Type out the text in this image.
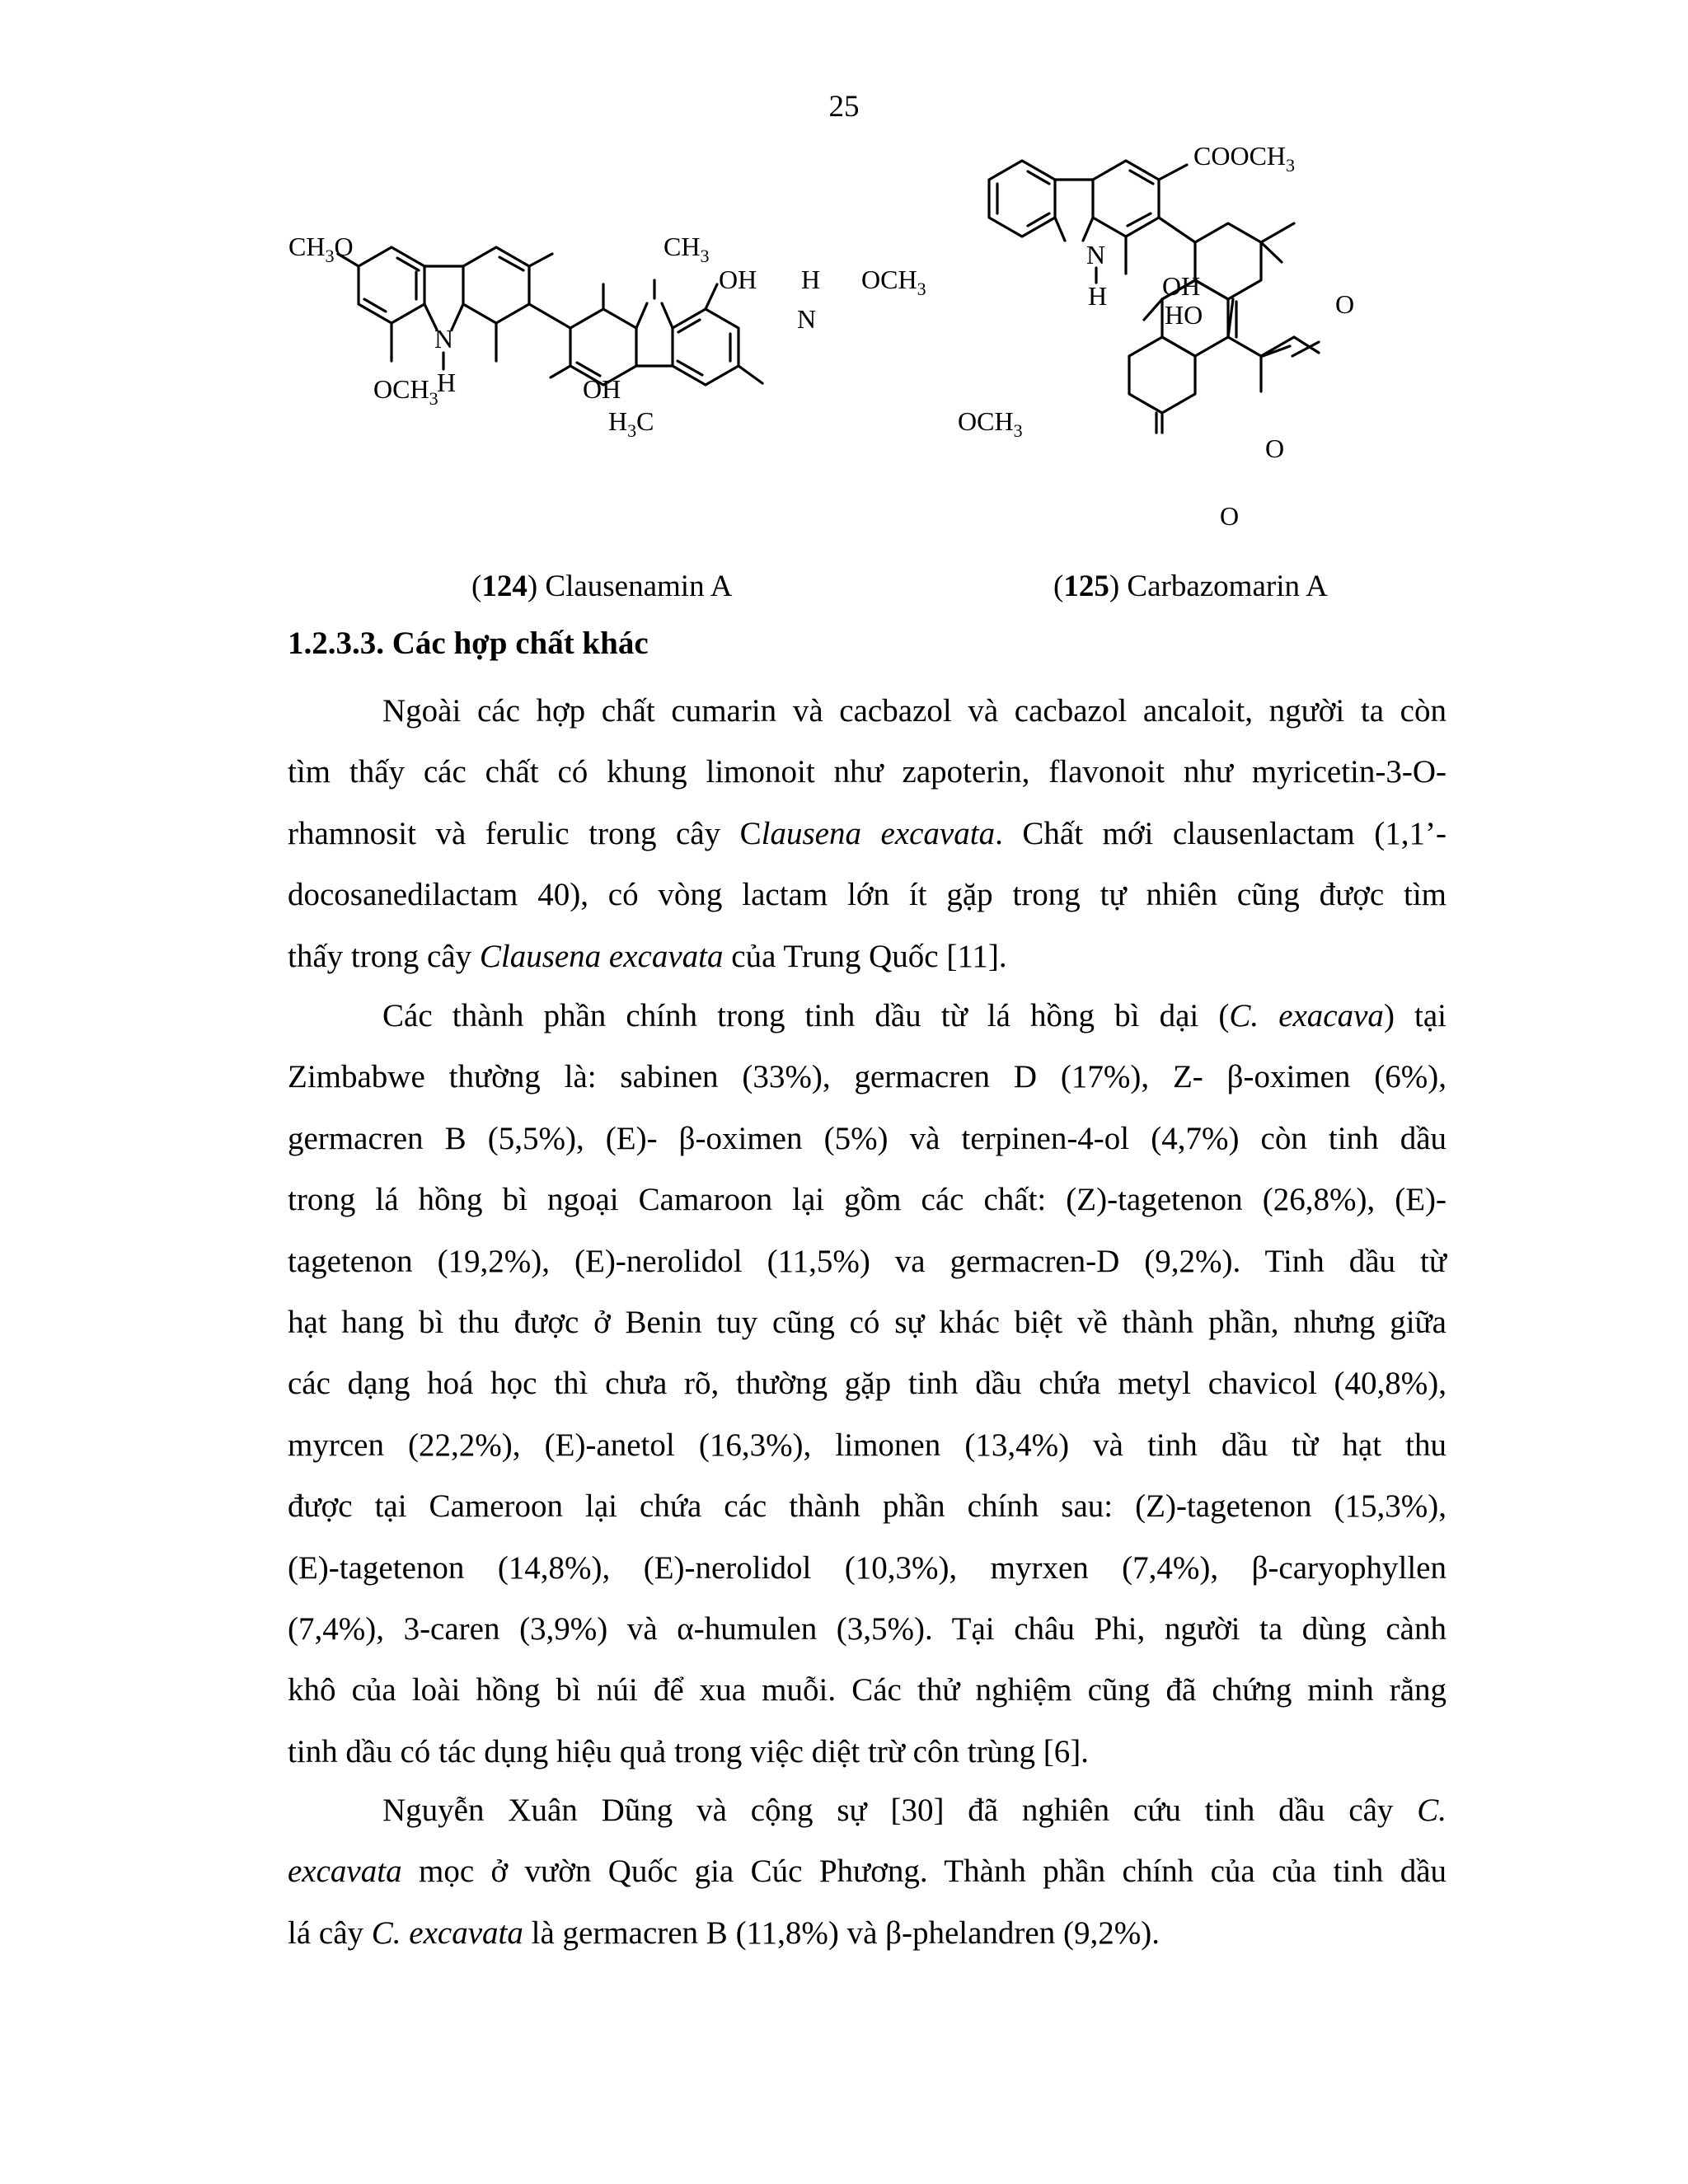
25
$CH_3O$	$CH_3$
OH H $OCH_3$
N
H
N
$OCH_3$	OH
$H_3C$	$OCH_3$
$COOCH_3$
N
H OH
HO	O
O
O
(124) Clausenamin A	(125) Carbazomarin A
1.2.3.3. Các hợp chất khác

Ngoài các hợp chất cumarin và cacbazol và cacbazol ancaloit, người ta còn

tìm thấy các chất có khung limonoit như zapoterin, flavonoit như myricetin-3-O-

rhamnosit và ferulic trong cây Clausena excavata. Chất mới clausenlactam (1,1’-

docosanedilactam 40), có vòng lactam lớn ít gặp trong tự nhiên cũng được tìm

thấy trong cây Clausena excavata của Trung Quốc [11].

Các thành phần chính trong tinh dầu từ lá hồng bì dại (C. exacava) tại

Zimbabwe thường là: sabinen (33%), germacren D (17%), Z- β-oximen (6%),

germacren B (5,5%), (E)- β-oximen (5%) và terpinen-4-ol (4,7%) còn tinh dầu

trong lá hồng bì ngoại Camaroon lại gồm các chất: (Z)-tagetenon (26,8%), (E)-

tagetenon (19,2%), (E)-nerolidol (11,5%) va germacren-D (9,2%). Tinh dầu từ

hạt hang bì thu được ở Benin tuy cũng có sự khác biệt về thành phần, nhưng giữa

các dạng hoá học thì chưa rõ, thường gặp tinh dầu chứa metyl chavicol (40,8%),

myrcen (22,2%), (E)-anetol (16,3%), limonen (13,4%) và tinh dầu từ hạt thu

được tại Cameroon lại chứa các thành phần chính sau: (Z)-tagetenon (15,3%),

(E)-tagetenon (14,8%), (E)-nerolidol (10,3%), myrxen (7,4%), β-caryophyllen

(7,4%), 3-caren (3,9%) và α-humulen (3,5%). Tại châu Phi, người ta dùng cành

khô của loài hồng bì núi để xua muỗi. Các thử nghiệm cũng đã chứng minh rằng

tinh dầu có tác dụng hiệu quả trong việc diệt trừ côn trùng [6].

Nguyễn Xuân Dũng và cộng sự [30] đã nghiên cứu tinh dầu cây C.

excavata mọc ở vườn Quốc gia Cúc Phương. Thành phần chính của của tinh dầu

lá cây C. excavata là germacren B (11,8%) và β-phelandren (9,2%).
